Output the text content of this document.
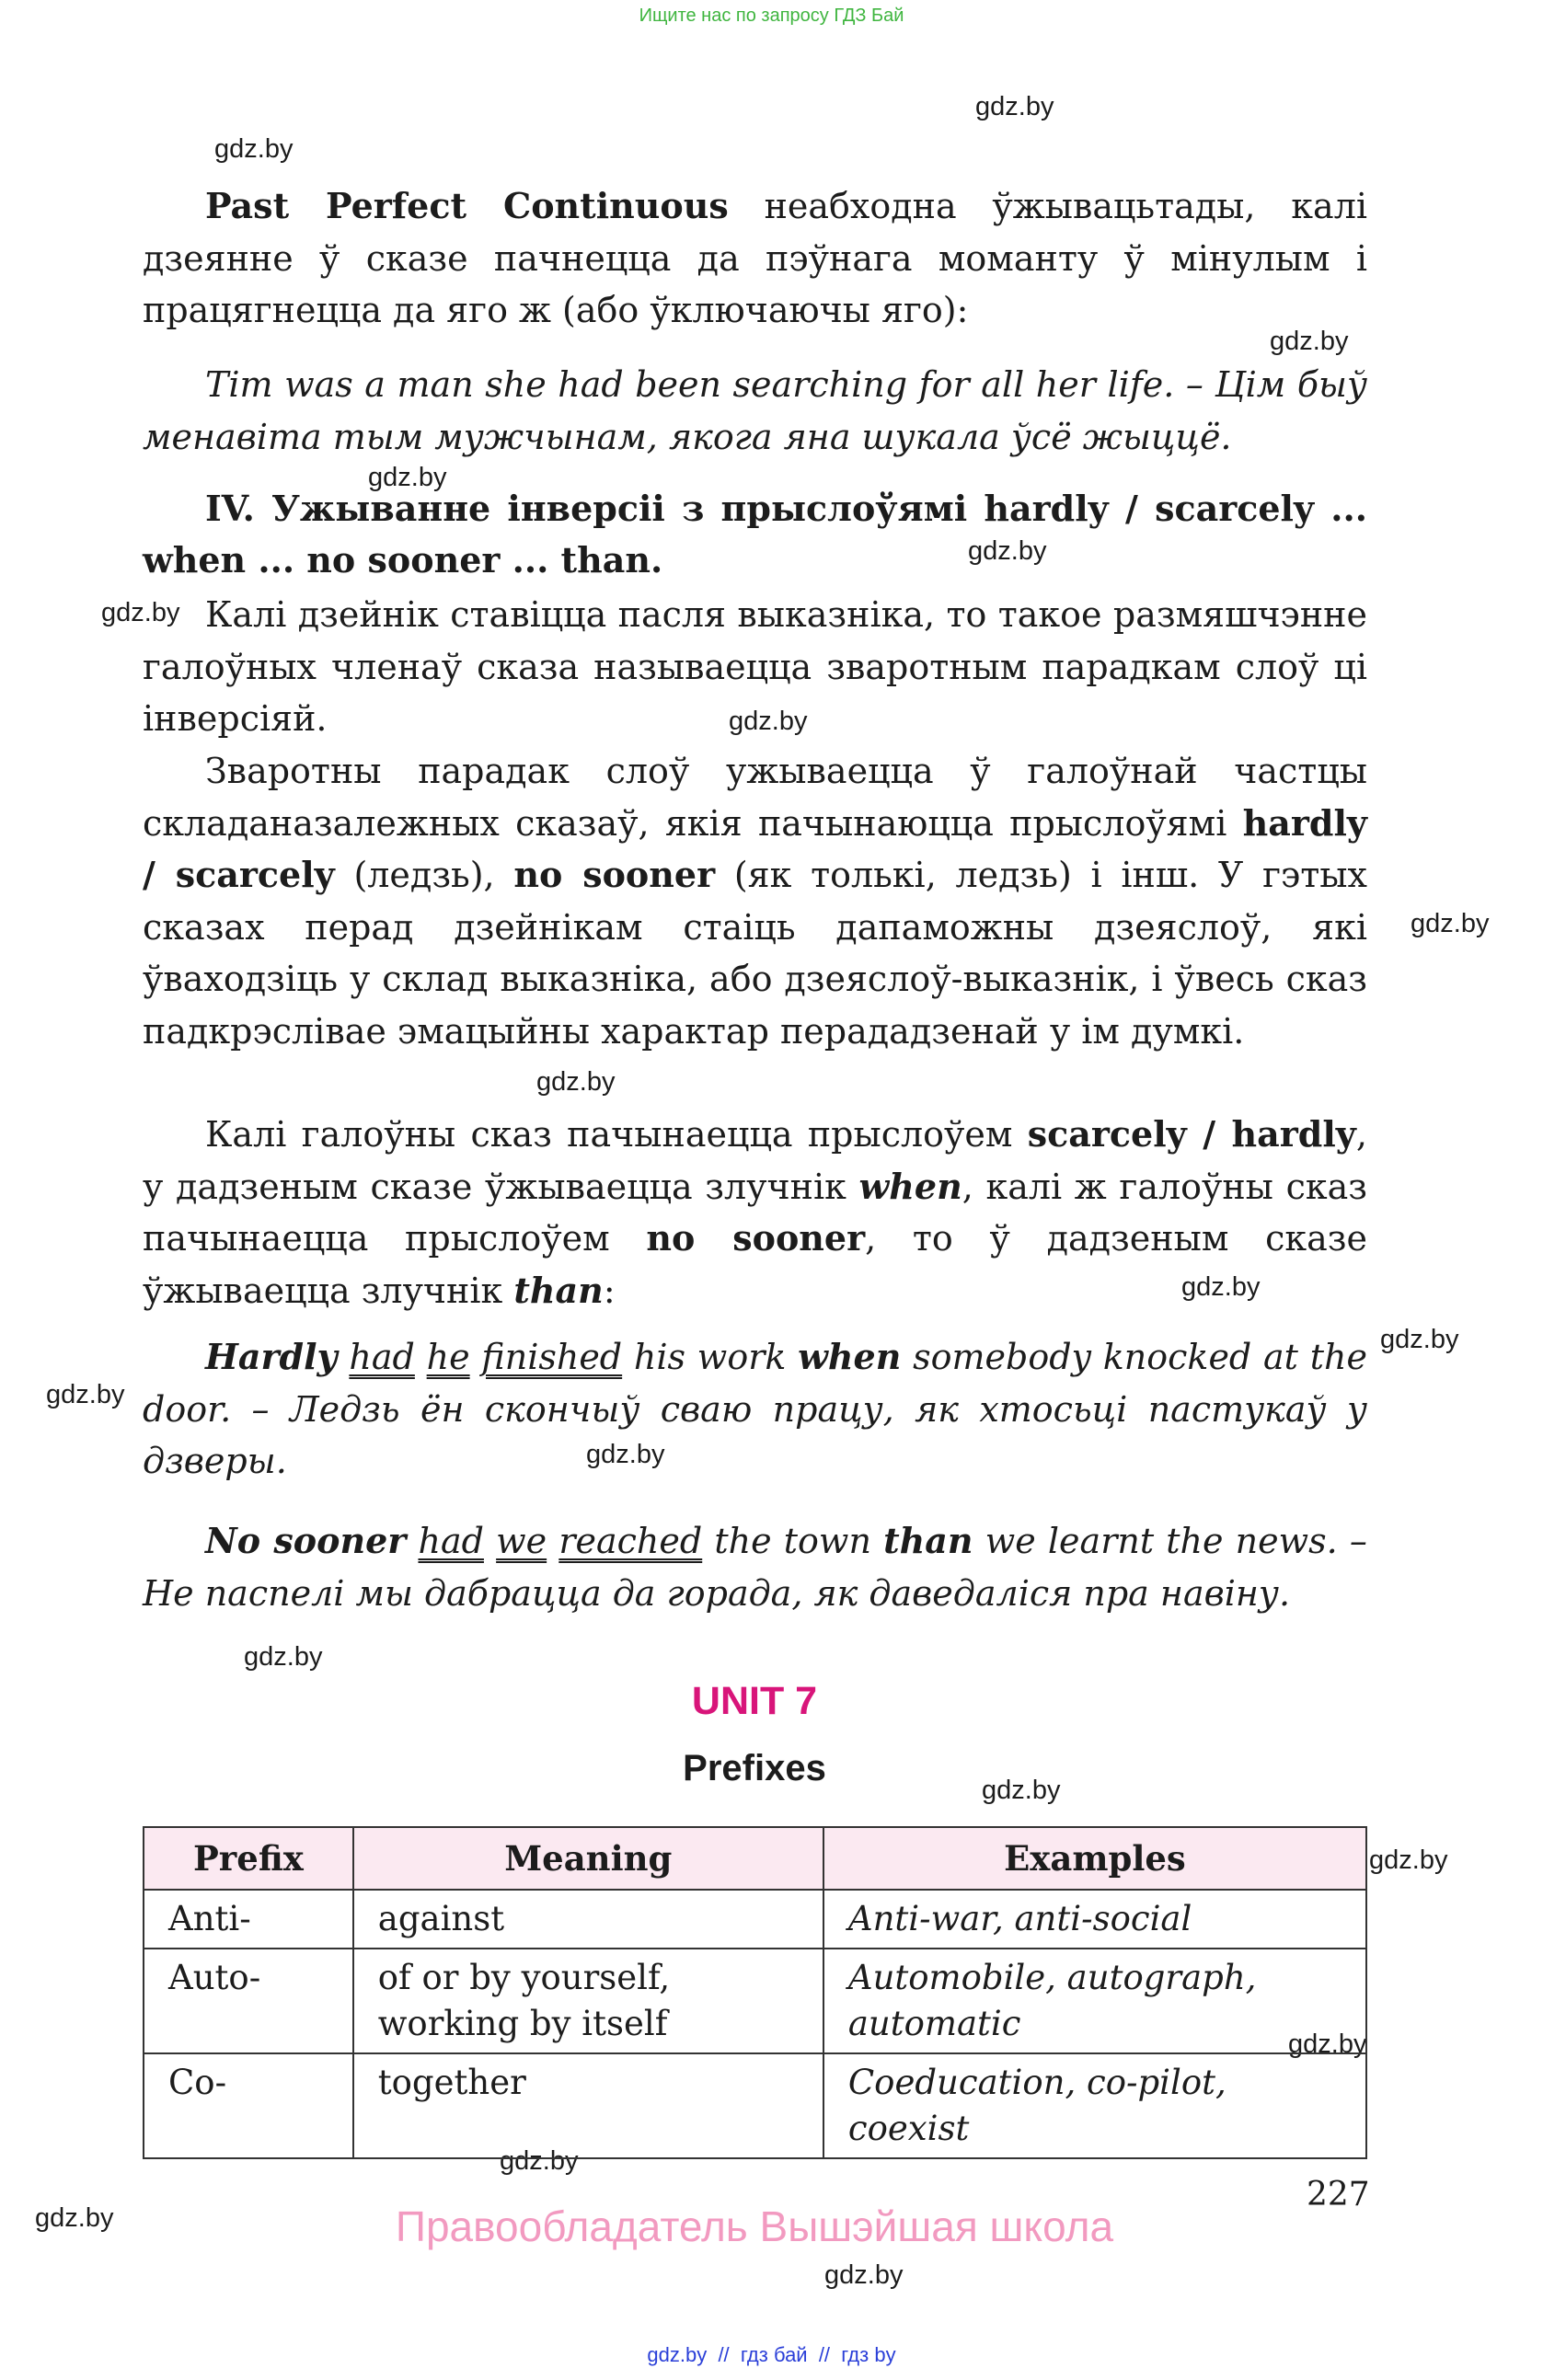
Ищите нас по запросу ГДЗ Бай
gdz.by
gdz.by
gdz.by
gdz.by
gdz.by
gdz.by
gdz.by
gdz.by
gdz.by
gdz.by
gdz.by
gdz.by
gdz.by
gdz.by
gdz.by
gdz.by
gdz.by
gdz.by
gdz.by
gdz.by
Past Perfect Continuous неабходна ўжывацьтады, калі дзеянне ў сказе пачнецца да пэўнага моманту ў мінулым і працягнецца да яго ж (або ўключаючы яго):
Tim was a man she had been searching for all her life. – Цім быў менавіта тым мужчынам, якога яна шукала ўсё жыццё.
IV. Ужыванне інверсіі з прыслоўямі hardly / scarcely ...
when ... no sooner ... than.
Калі дзейнік ставіцца пасля выказніка, то такое размяшчэнне галоўных членаў сказа называецца зваротным парадкам слоў ці інверсіяй.
Зваротны парадак слоў ужываецца ў галоўнай частцы складаназалежных сказаў, якія пачынаюцца прыслоўямі hardly / scarcely (ледзь), no sooner (як толькі, ледзь) і інш. У гэтых сказах перад дзейнікам стаіць дапаможны дзеяслоў, які ўваходзіць у склад выказніка, або дзеяслоў-выказнік, і ўвесь сказ падкрэслівае эмацыйны характар перададзенай у ім думкі.
Калі галоўны сказ пачынаецца прыслоўем scarcely / hardly, у дадзеным сказе ўжываецца злучнік when, калі ж галоўны сказ пачынаецца прыслоўем no sooner, то ў дадзеным сказе ўжываецца злучнік than:
Hardly had he finished his work when somebody knocked at the door. – Ледзь ён скончыў сваю працу, як хтосьці пастукаў у дзверы.
No sooner had we reached the town than we learnt the news. – Не паспелі мы дабрацца да горада, як даведаліся пра навіну.
UNIT 7
Prefixes
Prefix	Meaning	Examples
Anti-	against	Anti-war, anti-social
Auto-	of or by yourself, working by itself	Automobile, autograph, automatic
Co-	together	Coeducation, co-pilot, coexist
227
Правообладатель Вышэйшая школа
gdz.by  //  гдз бай  //  гдз by
